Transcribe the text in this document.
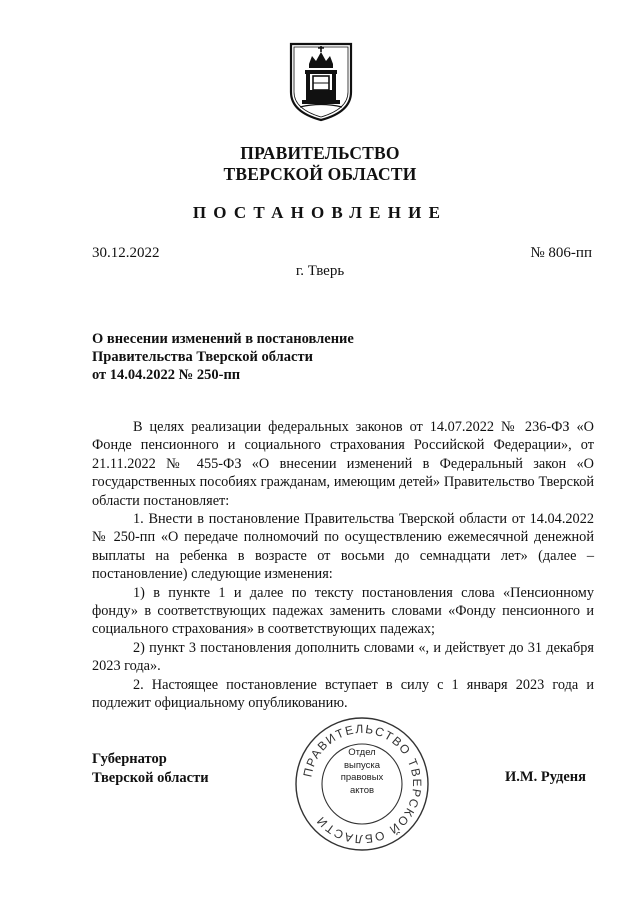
ПРАВИТЕЛЬСТВО
ТВЕРСКОЙ ОБЛАСТИ
ПОСТАНОВЛЕНИЕ
30.12.2022	№ 806-пп
г. Тверь
О внесении изменений в постановление
Правительства Тверской области
от 14.04.2022 № 250-пп

В целях реализации федеральных законов от 14.07.2022 № 236-ФЗ «О Фонде пенсионного и социального страхования Российской Федерации», от 21.11.2022 № 455-ФЗ «О внесении изменений в Федеральный закон «О государственных пособиях гражданам, имеющим детей» Правительство Тверской области постановляет:

1. Внести в постановление Правительства Тверской области от 14.04.2022 № 250-пп «О передаче полномочий по осуществлению ежемесячной денежной выплаты на ребенка в возрасте от восьми до семнадцати лет» (далее – постановление) следующие изменения:

1) в пункте 1 и далее по тексту постановления слова «Пенсионному фонду» в соответствующих падежах заменить словами «Фонду пенсионного и социального страхования» в соответствующих падежах;

2) пункт 3 постановления дополнить словами «, и действует до 31 декабря 2023 года».

2. Настоящее постановление вступает в силу с 1 января 2023 года и подлежит официальному опубликованию.

Губернатор
Тверской области	И.М. Руденя
ПРАВИТЕЛЬСТВО ТВЕРСКОЙ ОБЛАСТИ
Отдел
выпуска
правовых
актов
